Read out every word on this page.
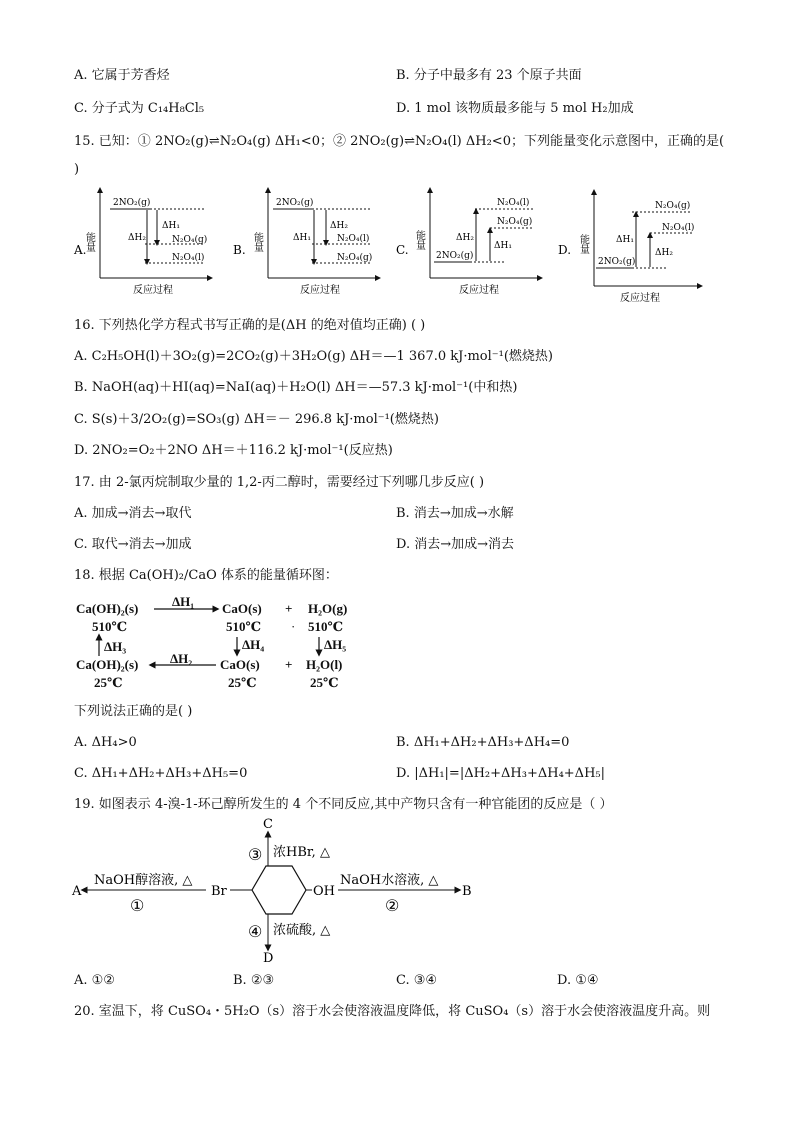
A. 它属于芳香烃	B. 分子中最多有 23 个原子共面
C. 分子式为 C₁₄H₈Cl₅	D. 1 mol 该物质最多能与 5 mol H₂加成
15. 已知：① 2NO₂(g)⇌N₂O₄(g) ΔH₁<0；② 2NO₂(g)⇌N₂O₄(l) ΔH₂<0；下列能量变化示意图中，正确的是(
)
A.
能量
反应过程
2NO₂(g)
N₂O₄(g)
N₂O₄(l)
ΔH₂
ΔH₁
B. 能量
反应过程
2NO₂(g)
N₂O₄(l)
N₂O₄(g)
ΔH₁
ΔH₂
C. 能量
反应过程
N₂O₄(l)
N₂O₄(g)
2NO₂(g)
ΔH₂
ΔH₁	D. 能量
反应过程
N₂O₄(g)
N₂O₄(l)
2NO₂(g)
ΔH₁
ΔH₂
16. 下列热化学方程式书写正确的是(ΔH 的绝对值均正确) ( )
A. C₂H₅OH(l)＋3O₂(g)=2CO₂(g)＋3H₂O(g) ΔH＝—1 367.0 kJ·mol⁻¹(燃烧热)
B. NaOH(aq)＋HI(aq)=NaI(aq)＋H₂O(l) ΔH＝—57.3 kJ·mol⁻¹(中和热)
C. S(s)＋3/2O₂(g)=SO₃(g) ΔH＝－ 296.8 kJ·mol⁻¹(燃烧热)
D. 2NO₂=O₂＋2NO ΔH＝＋116.2 kJ·mol⁻¹(反应热)
17. 由 2-氯丙烷制取少量的 1,2-丙二醇时，需要经过下列哪几步反应( )
A. 加成→消去→取代	B. 消去→加成→水解
C. 取代→消去→加成	D. 消去→加成→消去
18. 根据 Ca(OH)₂/CaO 体系的能量循环图：
Ca(OH)₂(s)
510℃
ΔH₁ CaO(s)
510℃
+
·
H₂O(g)
510℃
ΔH₃	ΔH₄	ΔH₅
Ca(OH)₂(s)
25℃
ΔH₂ CaO(s)
25℃
+ H₂O(l)
25℃
下列说法正确的是( )
A. ΔH₄>0	B. ΔH₁+ΔH₂+ΔH₃+ΔH₄=0
C. ΔH₁+ΔH₂+ΔH₃+ΔH₅=0	D. |ΔH₁|=|ΔH₂+ΔH₃+ΔH₄+ΔH₅|
19. 如图表示 4-溴-1-环己醇所发生的 4 个不同反应,其中产物只含有一种官能团的反应是（ ）
Br	OH
A
NaOH醇溶液, △
①
B
NaOH水溶液, △
②
C
浓HBr, △
③
D
浓硫酸, △
④
A. ①②	B. ②③	C. ③④	D. ①④
20. 室温下，将 CuSO₄・5H₂O（s）溶于水会使溶液温度降低，将 CuSO₄（s）溶于水会使溶液温度升高。则
